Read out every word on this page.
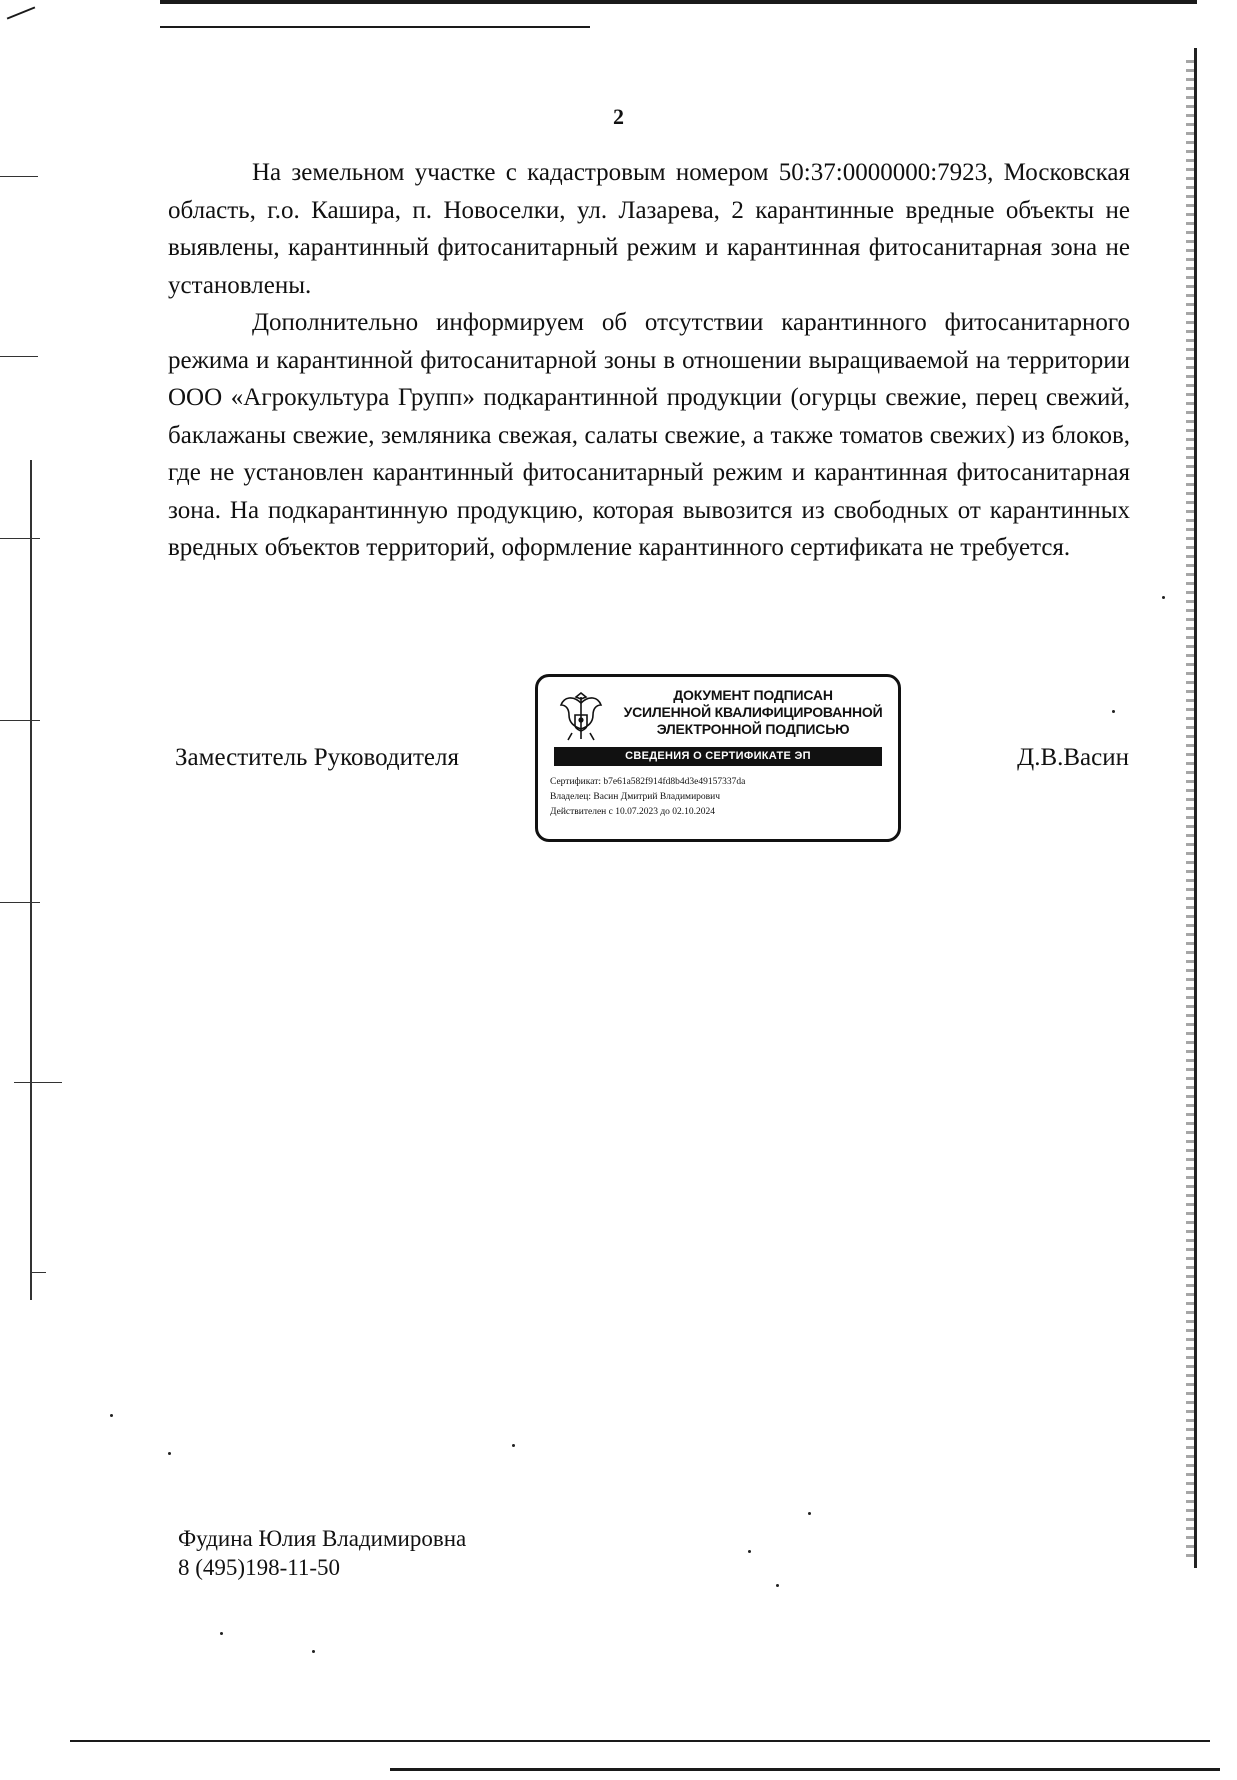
2

На земельном участке с кадастровым номером 50:37:0000000:7923, Московская область, г.о. Кашира, п. Новоселки, ул. Лазарева, 2 карантинные вредные объекты не выявлены, карантинный фитосанитарный режим и карантинная фитосанитарная зона не установлены.

Дополнительно информируем об отсутствии карантинного фитосанитарного режима и карантинной фитосанитарной зоны в отношении выращиваемой на территории ООО «Агрокультура Групп» подкарантинной продукции (огурцы свежие, перец свежий, баклажаны свежие, земляника свежая, салаты свежие, а также томатов свежих) из блоков, где не установлен карантинный фитосанитарный режим и карантинная фитосанитарная зона. На подкарантинную продукцию, которая вывозится из свободных от карантинных вредных объектов территорий, оформление карантинного сертификата не требуется.

Заместитель Руководителя
ДОКУМЕНТ ПОДПИСАН
УСИЛЕННОЙ КВАЛИФИЦИРОВАННОЙ
ЭЛЕКТРОННОЙ ПОДПИСЬЮ
СВЕДЕНИЯ О СЕРТИФИКАТЕ ЭП
Сертификат: b7e61a582f914fd8b4d3e49157337da
Владелец: Васин Дмитрий Владимирович
Действителен с 10.07.2023 до 02.10.2024
Д.В.Васин
Фудина Юлия Владимировна
8 (495)198-11-50
